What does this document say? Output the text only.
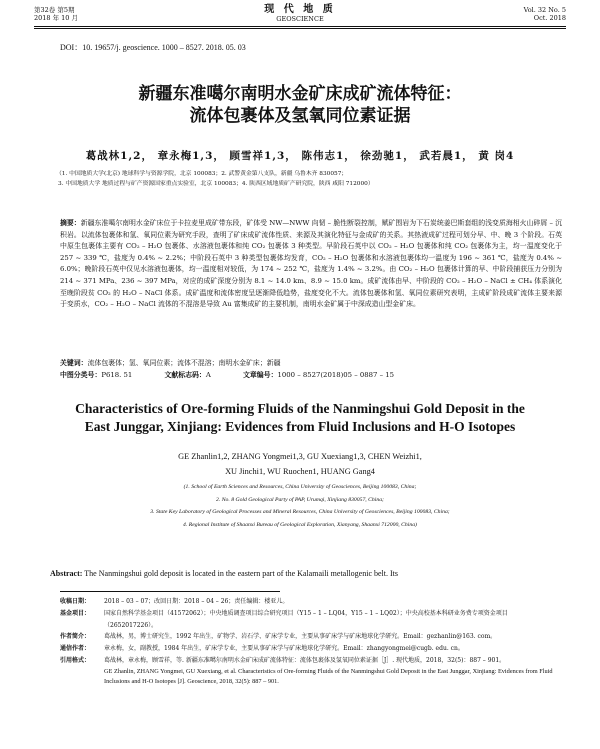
第32卷 第5期
2018 年 10 月
现 代 地 质
GEOSCIENCE
Vol. 32 No. 5
Oct. 2018
DOI：10. 19657/j. geoscience. 1000 – 8527. 2018. 05. 03
新疆东准噶尔南明水金矿床成矿流体特征：
流体包裹体及氢氧同位素证据
葛战林1,2， 章永梅1,3， 顾雪祥1,3， 陈伟志1， 徐劲驰1， 武若晨1， 黄 岗4
（1. 中国地质大学(北京) 地球科学与资源学院，北京 100083；2. 武警黄金第八支队，新疆 乌鲁木齐 830057；
3. 中国地质大学 地质过程与矿产资源国家重点实验室，北京 100083；4. 陕西区域地质矿产研究院，陕西 咸阳 712000）
摘要：新疆东准噶尔南明水金矿床位于卡拉麦里成矿带东段，矿体受 NW—NWW 向韧 – 脆性断裂控制，赋矿围岩为下石炭统姜巴斯套组的浅变质海相火山碎屑 – 沉积岩。以流体包裹体和氢、氧同位素为研究手段，查明了矿床成矿流体性质、来源及其演化特征与金成矿的关系。其热液成矿过程可划分早、中、晚 3 个阶段。石英中原生包裹体主要有 CO₂ – H₂O 包裹体、水溶液包裹体和纯 CO₂ 包裹体 3 种类型。早阶段石英中以 CO₂ – H₂O 包裹体和纯 CO₂ 包裹体为主，均一温度变化于 257 ~ 339 ℃，盐度为 0.4% ~ 2.2%；中阶段石英中 3 种类型包裹体均发育，CO₂ – H₂O 包裹体和水溶液包裹体均一温度为 196 ~ 361 ℃，盐度为 0.4% ~ 6.0%；晚阶段石英中仅见水溶液包裹体，均一温度相对较低，为 174 ~ 252 ℃，盐度为 1.4% ~ 3.2%。由 CO₂ – H₂O 包裹体计算的早、中阶段捕获压力分别为 214 ~ 371 MPa、236 ~ 397 MPa，对应的成矿深度分别为 8.1 ~ 14.0 km、8.9 ~ 15.0 km。成矿流体由早、中阶段的 CO₂ – H₂O – NaCl ± CH₄ 体系演化至晚阶段贫 CO₂ 的 H₂O – NaCl 体系。成矿温度和流体密度呈逐渐降低趋势，盐度变化不大。流体包裹体和氢、氧同位素研究表明，主成矿阶段成矿流体主要来源于变质水，CO₂ – H₂O – NaCl 流体的不混溶是导致 Au 富集成矿的主要机制，南明水金矿属于中深成造山型金矿床。
关键词：流体包裹体；氢、氧同位素；流体不混溶；南明水金矿床；新疆
中图分类号：P618. 51	文献标志码：A	文章编号：1000 – 8527(2018)05 – 0887 – 15
Characteristics of Ore-forming Fluids of the Nanmingshui Gold Deposit in the
East Junggar, Xinjiang: Evidences from Fluid Inclusions and H-O Isotopes
GE Zhanlin1,2, ZHANG Yongmei1,3, GU Xuexiang1,3, CHEN Weizhi1,
XU Jinchi1, WU Ruochen1, HUANG Gang4
(1. School of Earth Sciences and Resources, China University of Geosciences, Beijing 100083, China;
2. No. 8 Gold Geological Party of PAP, Urumqi, Xinjiang 830057, China;
3. State Key Laboratory of Geological Processes and Mineral Resources, China University of Geosciences, Beijing 100083, China;
4. Regional Institute of Shaanxi Bureau of Geological Exploration, Xianyang, Shaanxi 712000, China)
Abstract: The Nanmingshui gold deposit is located in the eastern part of the Kalamaili metallogenic belt. Its
收稿日期： 2018 – 03 – 07；改回日期：2018 – 04 – 26；责任编辑：楼亚儿。
基金项目： 国家自然科学基金项目（41572062）；中央地质调查项目综合研究项目（Y15 – 1 – LQ04，Y15 – 1 – LQ02）；中央高校基本科研业务费专项资金项目（2652017226）。
作者简介： 葛战林，男，博士研究生，1992 年出生，矿物学、岩石学、矿床学专业，主要从事矿床学与矿床地球化学研究。Email：gezhanlin@163. com。
通信作者： 章永梅，女，副教授，1984 年出生，矿床学专业，主要从事矿床学与矿床地球化学研究。Email：zhangyongmei@cugb. edu. cn。
引用格式： 葛战林，章永梅，顾雪祥，等. 新疆东准噶尔南明水金矿床成矿流体特征：流体包裹体及氢氧同位素证据［J］. 现代地质，2018，32(5)：887 – 901。
GE Zhanlin, ZHANG Yongmei, GU Xuexiang, et al. Characteristics of Ore-forming Fluids of the Nanmingshui Gold Deposit in the East Junggar, Xinjiang: Evidences from Fluid Inclusions and H-O Isotopes [J]. Geoscience, 2018, 32(5): 887 – 901.
